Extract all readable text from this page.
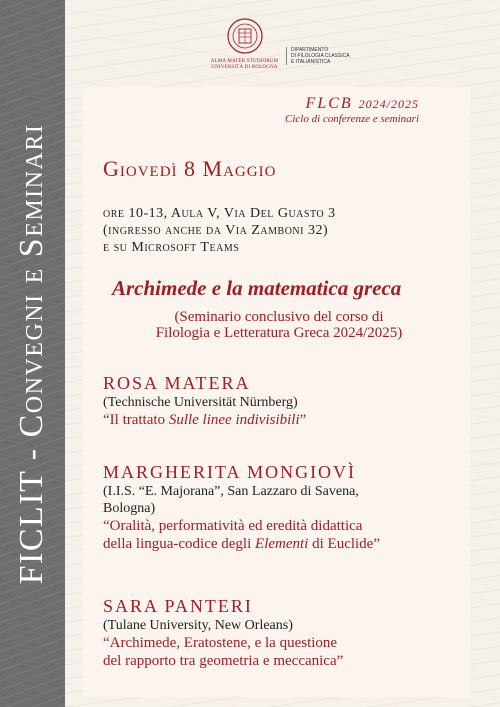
FICLIT - Convegni e Seminari
ALMA MATER STUDIORUM
UNIVERSITÀ DI BOLOGNA
DIPARTIMENTO
DI FILOLOGIA CLASSICA
E ITALIANISTICA
FLCB 2024/2025
Ciclo di conferenze e seminari
Giovedì 8 Maggio
ore 10-13, Aula V, Via Del Guasto 3
(ingresso anche da Via Zamboni 32)
e su Microsoft Teams
Archimede e la matematica greca
(Seminario conclusivo del corso di
Filologia e Letteratura Greca 2024/2025)
ROSA MATERA
(Technische Universität Nürnberg)
“Il trattato Sulle linee indivisibili”
MARGHERITA MONGIOVÌ
(I.I.S. “E. Majorana”, San Lazzaro di Savena,
Bologna)
“Oralità, performatività ed eredità didattica
della lingua-codice degli Elementi di Euclide”
SARA PANTERI
(Tulane University, New Orleans)
“Archimede, Eratostene, e la questione
del rapporto tra geometria e meccanica”
